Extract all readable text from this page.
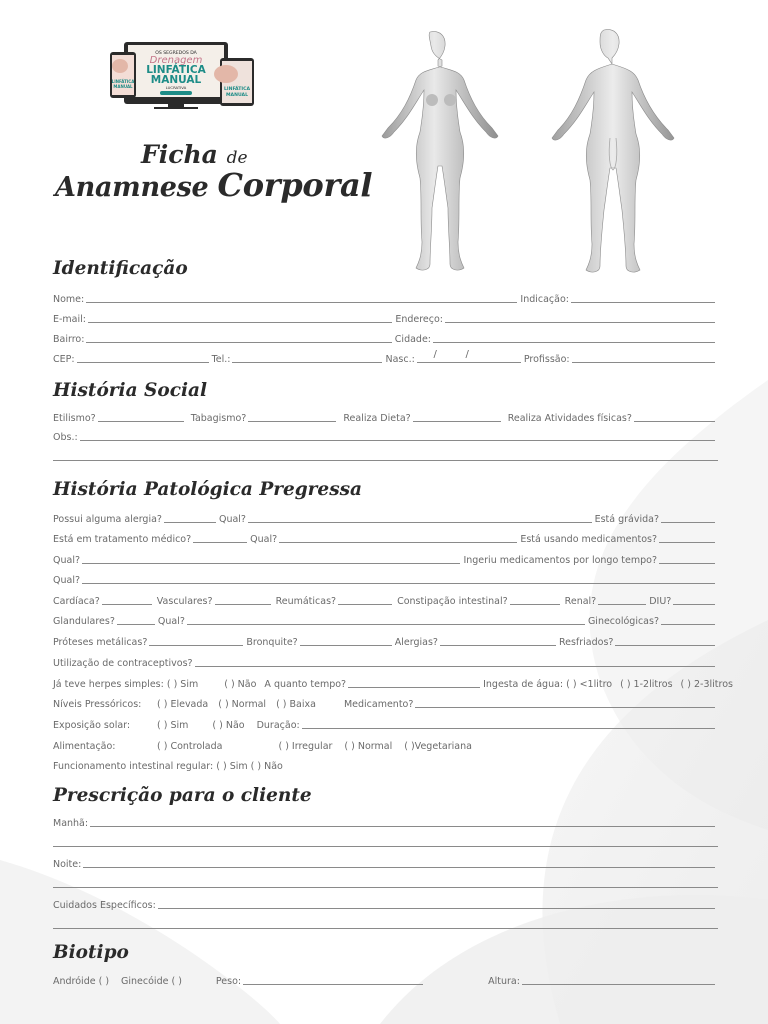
OS SEGREDOS DA
Drenagem
LINFÁTICA
MANUAL
LUCRATIVA
LINFÁTICA
MANUAL
LINFÁTICA
MANUAL
Ficha de
Anamnese Corporal
Identificação
Nome:	Indicação:
E-mail:	Endereço:
Bairro:	Cidade:
CEP:	Tel.:	Nasc.:	/	/	Profissão:
História Social
Etilismo?	Tabagismo?	Realiza Dieta?	Realiza Atividades físicas?
Obs.:
História Patológica Pregressa
Possui alguma alergia?	Qual?	Está grávida?
Está em tratamento médico?	Qual?	Está usando medicamentos?
Qual?	Ingeriu medicamentos por longo tempo?
Qual?
Cardíaca?	Vasculares?	Reumáticas?	Constipação intestinal?	Renal?	DIU?
Glandulares?	Qual?	Ginecológicas?
Próteses metálicas?	Bronquite?	Alergias?	Resfriados?
Utilização de contraceptivos?
Já teve herpes simples: ( ) Sim	( ) Não A quanto tempo?	Ingesta de água: ( ) <1litro ( ) 1-2litros ( ) 2-3litros
Níveis Pressóricos:	( ) Elevada ( ) Normal ( ) Baixa	Medicamento?
Exposição solar:	( ) Sim	( ) Não Duração:
Alimentação:	( ) Controlada	( ) Irregular ( ) Normal ( )Vegetariana
Funcionamento intestinal regular: ( ) Sim ( ) Não
Prescrição para o cliente
Manhã:
Noite:
Cuidados Específicos:
Biotipo
Andróide ( ) Ginecóide ( )	Peso:	Altura:
